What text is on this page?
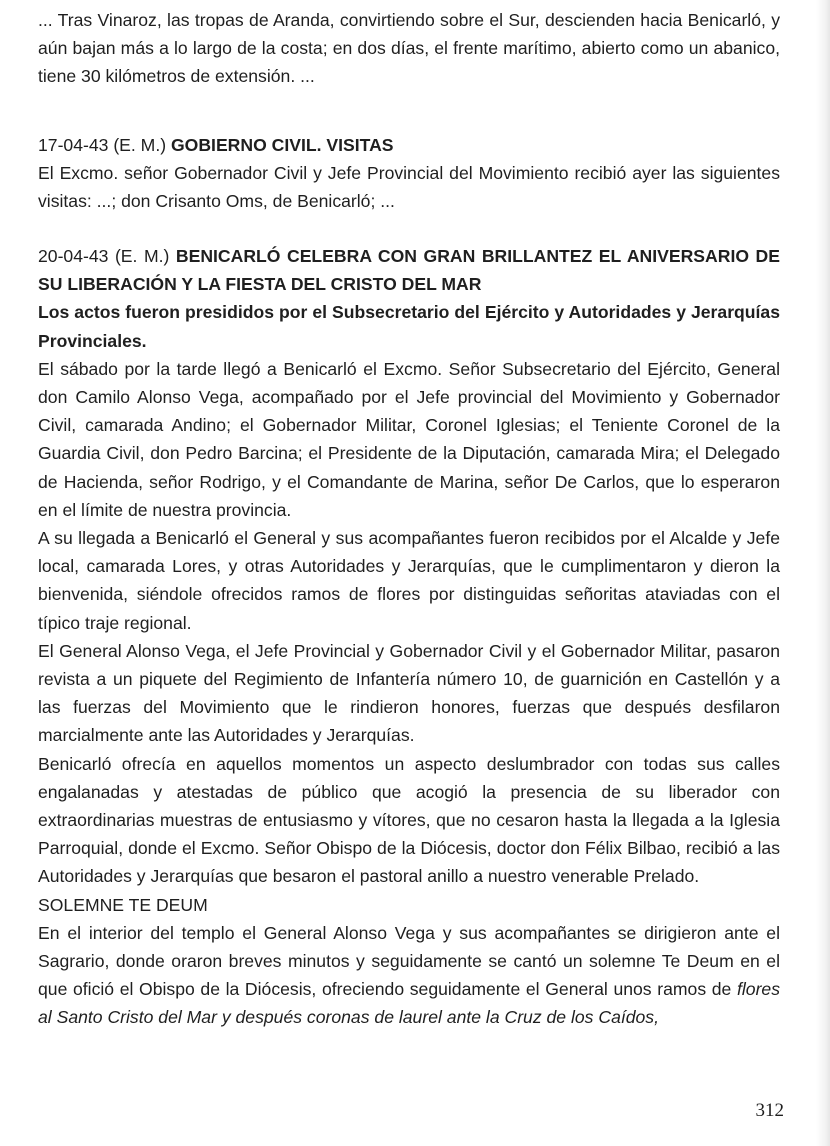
... Tras Vinaroz, las tropas de Aranda, convirtiendo sobre el Sur, descienden hacia Benicarló, y aún bajan más a lo largo de la costa; en dos días, el frente marítimo, abierto como un abanico, tiene 30 kilómetros de extensión. ...

17-04-43 (E. M.) GOBIERNO CIVIL. VISITAS
El Excmo. señor Gobernador Civil y Jefe Provincial del Movimiento recibió ayer las siguientes visitas: ...; don Crisanto Oms, de Benicarló; ...

20-04-43 (E. M.) BENICARLÓ CELEBRA CON GRAN BRILLANTEZ EL ANIVERSARIO DE SU LIBERACIÓN Y LA FIESTA DEL CRISTO DEL MAR
Los actos fueron presididos por el Subsecretario del Ejército y Autoridades y Jerarquías Provinciales.
El sábado por la tarde llegó a Benicarló el Excmo. Señor Subsecretario del Ejército, General don Camilo Alonso Vega, acompañado por el Jefe provincial del Movimiento y Gobernador Civil, camarada Andino; el Gobernador Militar, Coronel Iglesias; el Teniente Coronel de la Guardia Civil, don Pedro Barcina; el Presidente de la Diputación, camarada Mira; el Delegado de Hacienda, señor Rodrigo, y el Comandante de Marina, señor De Carlos, que lo esperaron en el límite de nuestra provincia.
A su llegada a Benicarló el General y sus acompañantes fueron recibidos por el Alcalde y Jefe local, camarada Lores, y otras Autoridades y Jerarquías, que le cumplimentaron y dieron la bienvenida, siéndole ofrecidos ramos de flores por distinguidas señoritas ataviadas con el típico traje regional.
El General Alonso Vega, el Jefe Provincial y Gobernador Civil y el Gobernador Militar, pasaron revista a un piquete del Regimiento de Infantería número 10, de guarnición en Castellón y a las fuerzas del Movimiento que le rindieron honores, fuerzas que después desfilaron marcialmente ante las Autoridades y Jerarquías.
Benicarló ofrecía en aquellos momentos un aspecto deslumbrador con todas sus calles engalanadas y atestadas de público que acogió la presencia de su liberador con extraordinarias muestras de entusiasmo y vítores, que no cesaron hasta la llegada a la Iglesia Parroquial, donde el Excmo. Señor Obispo de la Diócesis, doctor don Félix Bilbao, recibió a las Autoridades y Jerarquías que besaron el pastoral anillo a nuestro venerable Prelado.
SOLEMNE TE DEUM
En el interior del templo el General Alonso Vega y sus acompañantes se dirigieron ante el Sagrario, donde oraron breves minutos y seguidamente se cantó un solemne Te Deum en el que ofició el Obispo de la Diócesis, ofreciendo seguidamente el General unos ramos de flores al Santo Cristo del Mar y después coronas de laurel ante la Cruz de los Caídos,
312
